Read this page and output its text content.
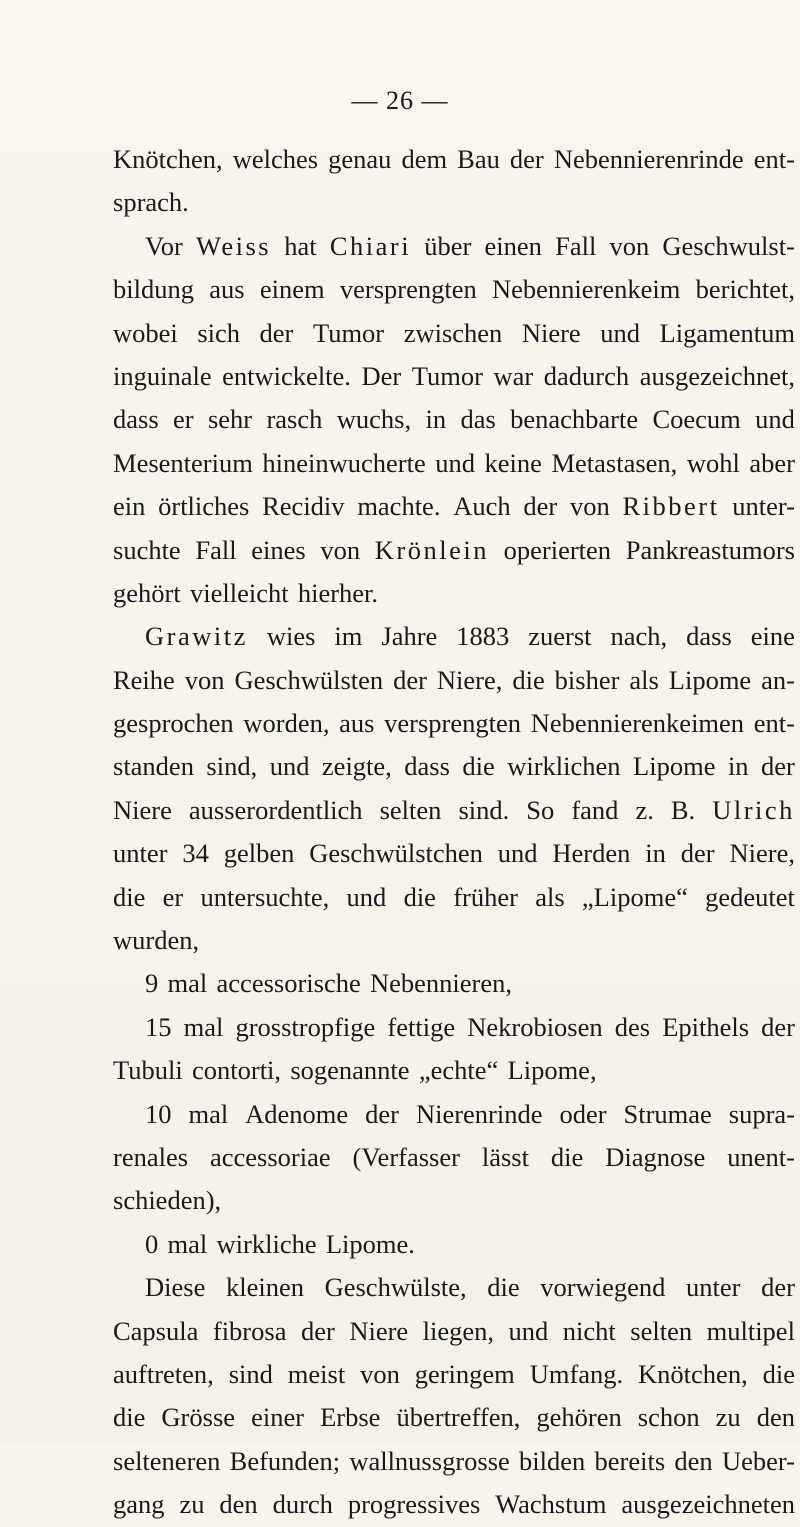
— 26 —
Knötchen, welches genau dem Bau der Nebennierenrinde ent-
sprach.
Vor Weiss hat Chiari über einen Fall von Geschwulst-
bildung aus einem versprengten Nebennierenkeim berichtet,
wobei sich der Tumor zwischen Niere und Ligamentum
inguinale entwickelte. Der Tumor war dadurch ausgezeichnet,
dass er sehr rasch wuchs, in das benachbarte Coecum und
Mesenterium hineinwucherte und keine Metastasen, wohl aber
ein örtliches Recidiv machte. Auch der von Ribbert unter-
suchte Fall eines von Krönlein operierten Pankreastumors
gehört vielleicht hierher.
Grawitz wies im Jahre 1883 zuerst nach, dass eine
Reihe von Geschwülsten der Niere, die bisher als Lipome an-
gesprochen worden, aus versprengten Nebennierenkeimen ent-
standen sind, und zeigte, dass die wirklichen Lipome in der
Niere ausserordentlich selten sind. So fand z. B. Ulrich
unter 34 gelben Geschwülstchen und Herden in der Niere,
die er untersuchte, und die früher als „Lipome“ gedeutet
wurden,
9 mal accessorische Nebennieren,
15 mal grosstropfige fettige Nekrobiosen des Epithels der
Tubuli contorti, sogenannte „echte“ Lipome,
10 mal Adenome der Nierenrinde oder Strumae supra-
renales accessoriae (Verfasser lässt die Diagnose unent-
schieden),
0 mal wirkliche Lipome.
Diese kleinen Geschwülste, die vorwiegend unter der
Capsula fibrosa der Niere liegen, und nicht selten multipel
auftreten, sind meist von geringem Umfang. Knötchen, die
die Grösse einer Erbse übertreffen, gehören schon zu den
selteneren Befunden; wallnussgrosse bilden bereits den Ueber-
gang zu den durch progressives Wachstum ausgezeichneten
